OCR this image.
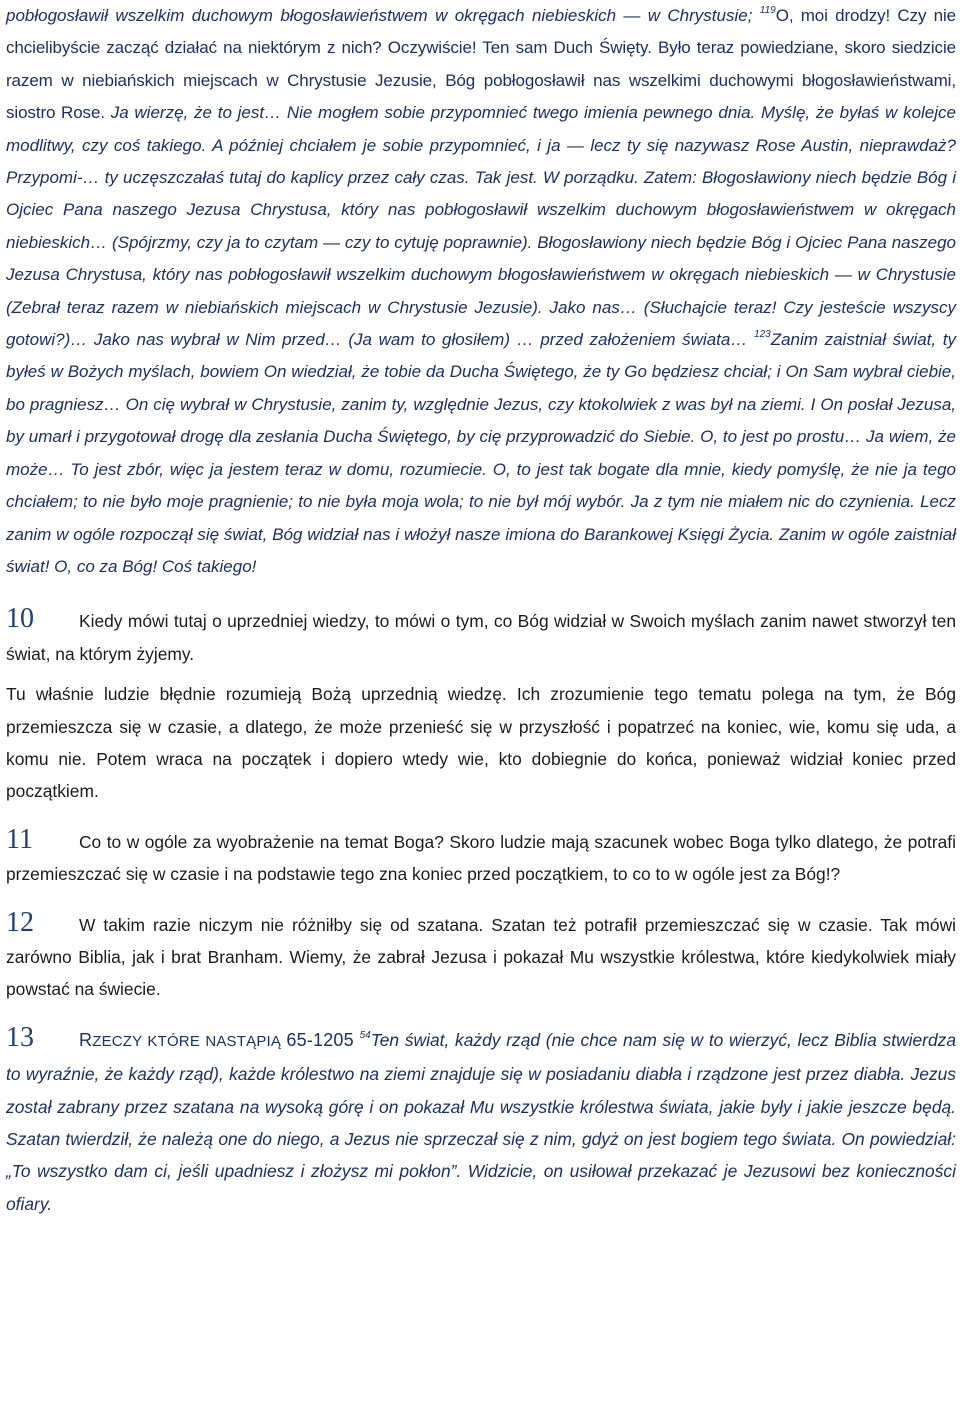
pobłogosławił wszelkim duchowym błogosławieństwem w okręgach niebieskich — w Chrystusie; $^{119}$O, moi drodzy! Czy nie chcielibyście zacząć działać na niektórym z nich? Oczywiście! Ten sam Duch Święty. Było teraz powiedziane, skoro siedzicie razem w niebiańskich miejscach w Chrystusie Jezusie, Bóg pobłogosławił nas wszelkimi duchowymi błogosławieństwami, siostro Rose. Ja wierzę, że to jest… Nie mogłem sobie przypomnieć twego imienia pewnego dnia. Myślę, że byłaś w kolejce modlitwy, czy coś takiego. A później chciałem je sobie przypomnieć, i ja — lecz ty się nazywasz Rose Austin, nieprawdaż? Przypomi-… ty uczęszczałaś tutaj do kaplicy przez cały czas. Tak jest. W porządku. Zatem: Błogosławiony niech będzie Bóg i Ojciec Pana naszego Jezusa Chrystusa, który nas pobłogosławił wszelkim duchowym błogosławieństwem w okręgach niebieskich… (Spójrzmy, czy ja to czytam — czy to cytuję poprawnie). Błogosławiony niech będzie Bóg i Ojciec Pana naszego Jezusa Chrystusa, który nas pobłogosławił wszelkim duchowym błogosławieństwem w okręgach niebieskich — w Chrystusie (Zebrał teraz razem w niebiańskich miejscach w Chrystusie Jezusie). Jako nas… (Słuchajcie teraz! Czy jesteście wszyscy gotowi?)… Jako nas wybrał w Nim przed… (Ja wam to głosiłem) … przed założeniem świata… $^{123}$Zanim zaistniał świat, ty byłeś w Bożych myślach, bowiem On wiedział, że tobie da Ducha Świętego, że ty Go będziesz chciał; i On Sam wybrał ciebie, bo pragniesz… On cię wybrał w Chrystusie, zanim ty, względnie Jezus, czy ktokolwiek z was był na ziemi. I On posłał Jezusa, by umarł i przygotował drogę dla zesłania Ducha Świętego, by cię przyprowadzić do Siebie. O, to jest po prostu… Ja wiem, że może… To jest zbór, więc ja jestem teraz w domu, rozumiecie. O, to jest tak bogate dla mnie, kiedy pomyślę, że nie ja tego chciałem; to nie było moje pragnienie; to nie była moja wola; to nie był mój wybór. Ja z tym nie miałem nic do czynienia. Lecz zanim w ogóle rozpoczął się świat, Bóg widział nas i włożył nasze imiona do Barankowej Księgi Życia. Zanim w ogóle zaistniał świat! O, co za Bóg! Coś takiego!

10	Kiedy mówi tutaj o uprzedniej wiedzy, to mówi o tym, co Bóg widział w Swoich myślach zanim nawet stworzył ten świat, na którym żyjemy.

Tu właśnie ludzie błędnie rozumieją Bożą uprzednią wiedzę. Ich zrozumienie tego tematu polega na tym, że Bóg przemieszcza się w czasie, a dlatego, że może przenieść się w przyszłość i popatrzeć na koniec, wie, komu się uda, a komu nie. Potem wraca na początek i dopiero wtedy wie, kto dobiegnie do końca, ponieważ widział koniec przed początkiem.

11	Co to w ogóle za wyobrażenie na temat Boga? Skoro ludzie mają szacunek wobec Boga tylko dlatego, że potrafi przemieszczać się w czasie i na podstawie tego zna koniec przed początkiem, to co to w ogóle jest za Bóg!?

12	W takim razie niczym nie różniłby się od szatana. Szatan też potrafił przemieszczać się w czasie. Tak mówi zarówno Biblia, jak i brat Branham. Wiemy, że zabrał Jezusa i pokazał Mu wszystkie królestwa, które kiedykolwiek miały powstać na świecie.

13	RZECZY KTÓRE NASTĄPIĄ 65-1205 $^{54}$Ten świat, każdy rząd (nie chce nam się w to wierzyć, lecz Biblia stwierdza to wyraźnie, że każdy rząd), każde królestwo na ziemi znajduje się w posiadaniu diabła i rządzone jest przez diabła. Jezus został zabrany przez szatana na wysoką górę i on pokazał Mu wszystkie królestwa świata, jakie były i jakie jeszcze będą. Szatan twierdził, że należą one do niego, a Jezus nie sprzeczał się z nim, gdyż on jest bogiem tego świata. On powiedział: „To wszystko dam ci, jeśli upadniesz i złożysz mi pokłon”. Widzicie, on usiłował przekazać je Jezusowi bez konieczności ofiary.
